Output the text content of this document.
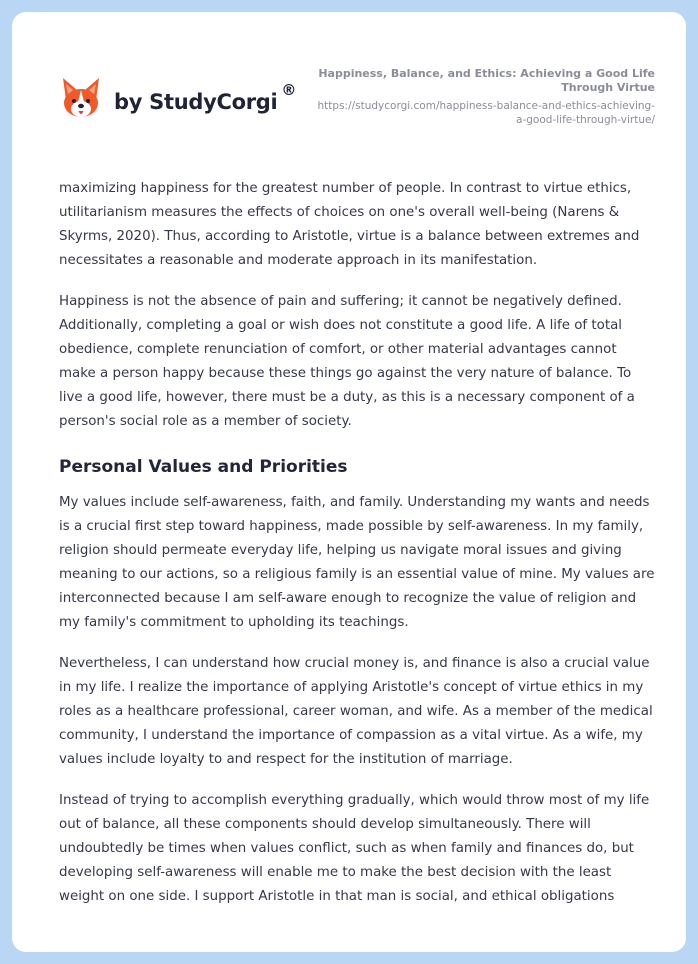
by StudyCorgi ®
Happiness, Balance, and Ethics: Achieving a Good Life Through Virtue
https://studycorgi.com/happiness-balance-and-ethics-achieving-a-good-life-through-virtue/

maximizing happiness for the greatest number of people. In contrast to virtue ethics, utilitarianism measures the effects of choices on one's overall well-being (Narens & Skyrms, 2020). Thus, according to Aristotle, virtue is a balance between extremes and necessitates a reasonable and moderate approach in its manifestation.

Happiness is not the absence of pain and suffering; it cannot be negatively defined. Additionally, completing a goal or wish does not constitute a good life. A life of total obedience, complete renunciation of comfort, or other material advantages cannot make a person happy because these things go against the very nature of balance. To live a good life, however, there must be a duty, as this is a necessary component of a person's social role as a member of society.

Personal Values and Priorities

My values include self-awareness, faith, and family. Understanding my wants and needs is a crucial first step toward happiness, made possible by self-awareness. In my family, religion should permeate everyday life, helping us navigate moral issues and giving meaning to our actions, so a religious family is an essential value of mine. My values are interconnected because I am self-aware enough to recognize the value of religion and my family's commitment to upholding its teachings.

Nevertheless, I can understand how crucial money is, and finance is also a crucial value in my life. I realize the importance of applying Aristotle's concept of virtue ethics in my roles as a healthcare professional, career woman, and wife. As a member of the medical community, I understand the importance of compassion as a vital virtue. As a wife, my values include loyalty to and respect for the institution of marriage.

Instead of trying to accomplish everything gradually, which would throw most of my life out of balance, all these components should develop simultaneously. There will undoubtedly be times when values conflict, such as when family and finances do, but developing self-awareness will enable me to make the best decision with the least weight on one side. I support Aristotle in that man is social, and ethical obligations
